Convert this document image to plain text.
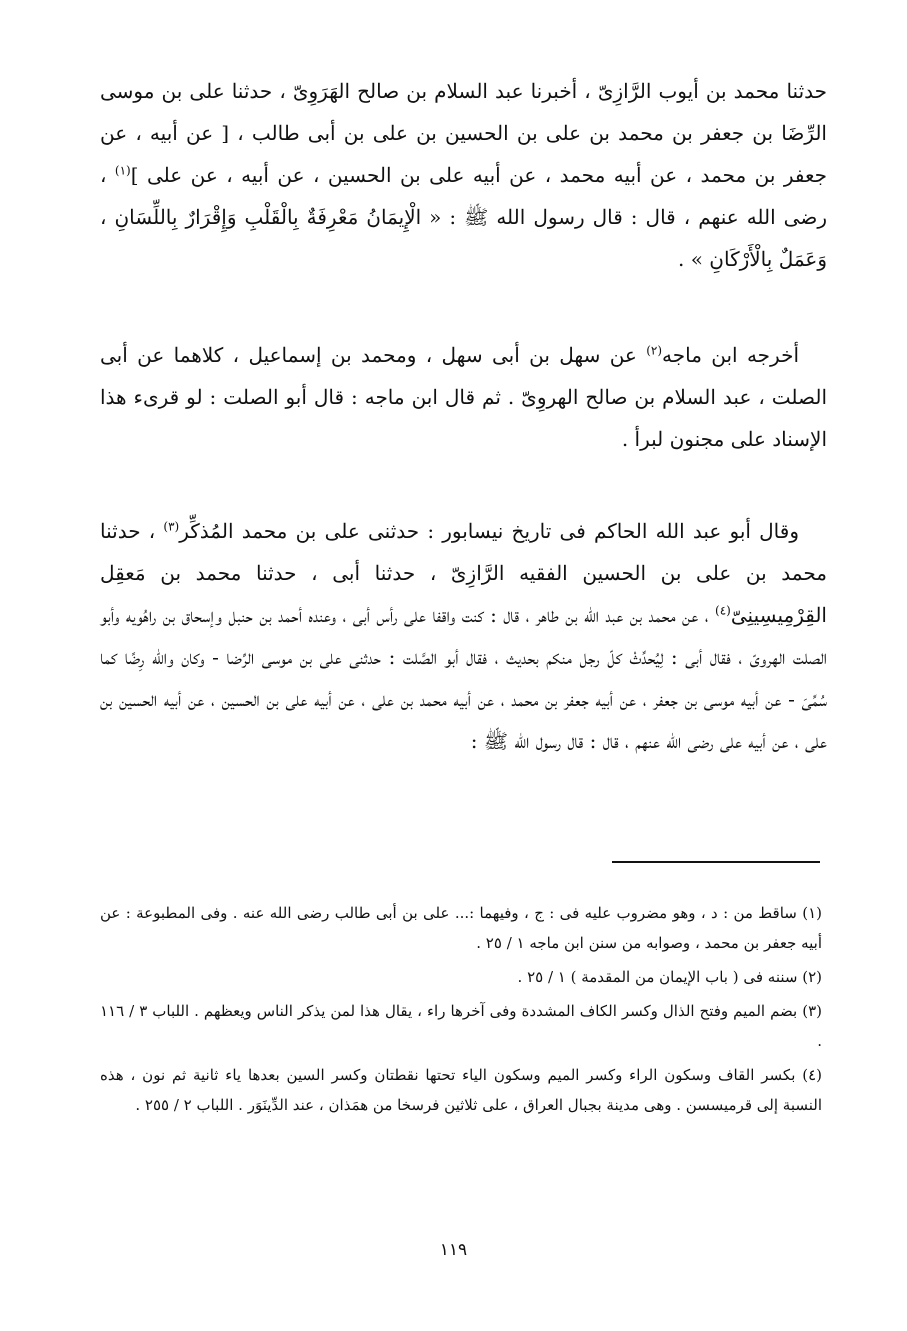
حدثنا محمد بن أيوب الرَّازِىّ ، أخبرنا عبد السلام بن صالح الهَرَوِىّ ، حدثنا على بن موسى الرِّضَا بن جعفر بن محمد بن على بن الحسين بن على بن أبى طالب ، [ عن أبيه ، عن جعفر بن محمد ، عن أبيه محمد ، عن أبيه على بن الحسين ، عن أبيه ، عن على ]$^{(١)}$ ، رضى الله عنهم ، قال : قال رسول الله ﷺ : « الْإِيمَانُ مَعْرِفَةٌ بِالْقَلْبِ وَإِقْرَارٌ بِاللِّسَانِ ، وَعَمَلٌ بِالْأَرْكَانِ » .

أخرجه ابن ماجه$^{(٢)}$ عن سهل بن أبى سهل ، ومحمد بن إسماعيل ، كلاهما عن أبى الصلت ، عبد السلام بن صالح الهروِىّ . ثم قال ابن ماجه : قال أبو الصلت : لو قرىء هذا الإسناد على مجنون لبرأ .

وقال أبو عبد الله الحاكم فى تاريخ نيسابور : حدثنى على بن محمد المُذكِّر$^{(٣)}$ ، حدثنا محمد بن على بن الحسين الفقيه الرَّازِىّ ، حدثنا أبى ، حدثنا محمد بن مَعقِل القِرْمِيسِينِىّ$^{(٤)}$ ، عن محمد بن عبد الله بن طاهر ، قال : كنت واقفا على رأس أبى ، وعنده أحمد بن حنبل وإسحاق بن راهُويه وأبو الصلت الهروىّ ، فقال أبى : لِيُحدِّثْ كلّ رجل منكم بحديث ، فقال أبو الصَّلت : حدثنى على بن موسى الرِّضا - وكان والله رِضًا كما سُمِّىَ - عن أبيه موسى بن جعفر ، عن أبيه جعفر بن محمد ، عن أبيه محمد بن على ، عن أبيه على بن الحسين ، عن أبيه الحسين بن على ، عن أبيه على رضى الله عنهم ، قال : قال رسول الله ﷺ :

(١) ساقط من : د ، وهو مضروب عليه فى : ج ، وفيهما :... على بن أبى طالب رضى الله عنه . وفى المطبوعة : عن أبيه جعفر بن محمد ، وصوابه من سنن ابن ماجه ١ / ٢٥ .

(٢) سننه فى ( باب الإيمان من المقدمة ) ١ / ٢٥ .

(٣) بضم الميم وفتح الذال وكسر الكاف المشددة وفى آخرها راء ، يقال هذا لمن يذكر الناس ويعظهم . اللباب ٣ / ١١٦ .

(٤) بكسر القاف وسكون الراء وكسر الميم وسكون الياء تحتها نقطتان وكسر السين بعدها ياء ثانية ثم نون ، هذه النسبة إلى قرميسسن . وهى مدينة بجبال العراق ، على ثلاثين فرسخا من همَذان ، عند الدِّينَوَر . اللباب ٢ / ٢٥٥ .

١١٩
